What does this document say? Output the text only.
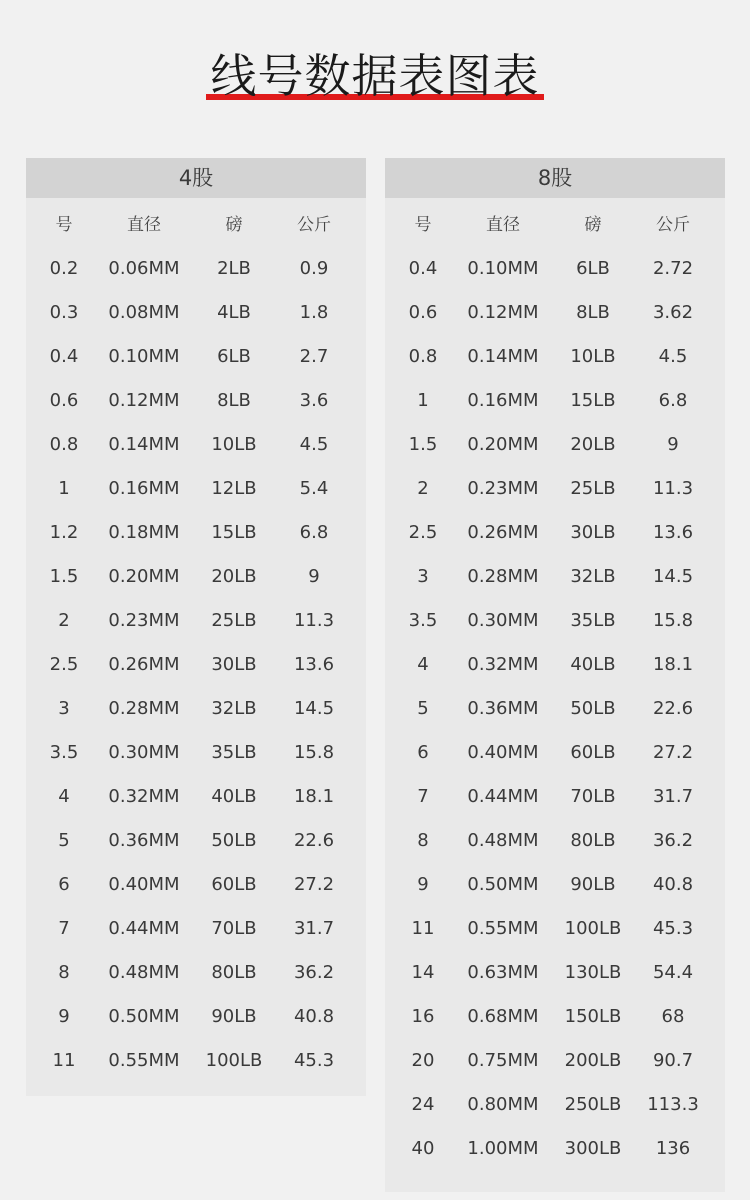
线号数据表图表
4股
号	直径	磅	公斤
0.2	0.06MM	2LB	0.9
0.3	0.08MM	4LB	1.8
0.4	0.10MM	6LB	2.7
0.6	0.12MM	8LB	3.6
0.8	0.14MM	10LB	4.5
1	0.16MM	12LB	5.4
1.2	0.18MM	15LB	6.8
1.5	0.20MM	20LB	9
2	0.23MM	25LB	11.3
2.5	0.26MM	30LB	13.6
3	0.28MM	32LB	14.5
3.5	0.30MM	35LB	15.8
4	0.32MM	40LB	18.1
5	0.36MM	50LB	22.6
6	0.40MM	60LB	27.2
7	0.44MM	70LB	31.7
8	0.48MM	80LB	36.2
9	0.50MM	90LB	40.8
11	0.55MM	100LB	45.3
8股
号	直径	磅	公斤
0.4	0.10MM	6LB	2.72
0.6	0.12MM	8LB	3.62
0.8	0.14MM	10LB	4.5
1	0.16MM	15LB	6.8
1.5	0.20MM	20LB	9
2	0.23MM	25LB	11.3
2.5	0.26MM	30LB	13.6
3	0.28MM	32LB	14.5
3.5	0.30MM	35LB	15.8
4	0.32MM	40LB	18.1
5	0.36MM	50LB	22.6
6	0.40MM	60LB	27.2
7	0.44MM	70LB	31.7
8	0.48MM	80LB	36.2
9	0.50MM	90LB	40.8
11	0.55MM	100LB	45.3
14	0.63MM	130LB	54.4
16	0.68MM	150LB	68
20	0.75MM	200LB	90.7
24	0.80MM	250LB	113.3
40	1.00MM	300LB	136
